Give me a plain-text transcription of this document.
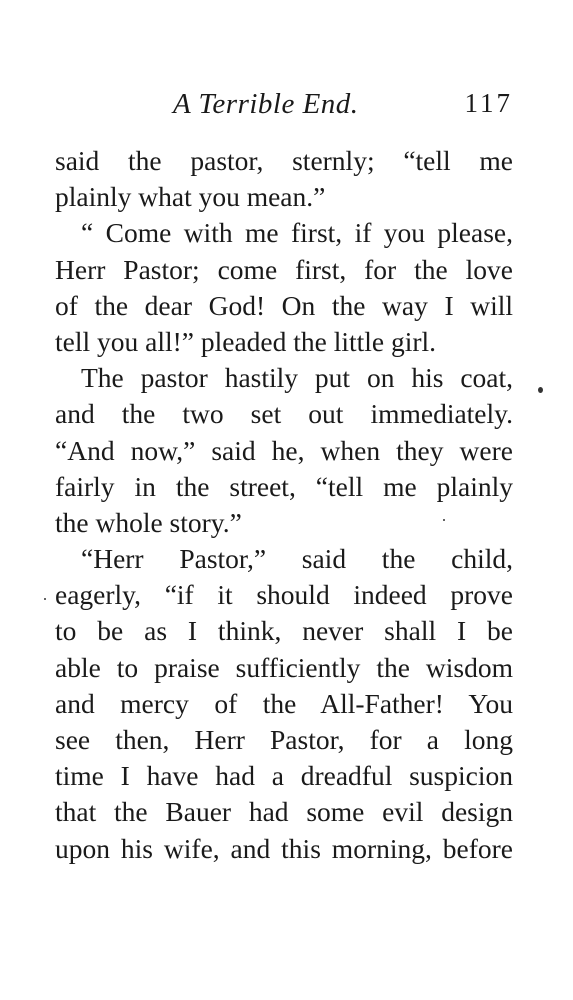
A Terrible End.	117
said the pastor, sternly; “tell me
plainly what you mean.”
“ Come with me first, if you please,
Herr Pastor; come first, for the love
of the dear God! On the way I will
tell you all!” pleaded the little girl.
The pastor hastily put on his coat,
and the two set out immediately.
“And now,” said he, when they were
fairly in the street, “tell me plainly
the whole story.”
“Herr Pastor,” said the child,
eagerly, “if it should indeed prove
to be as I think, never shall I be
able to praise sufficiently the wisdom
and mercy of the All-Father! You
see then, Herr Pastor, for a long
time I have had a dreadful suspicion
that the Bauer had some evil design
upon his wife, and this morning, before
